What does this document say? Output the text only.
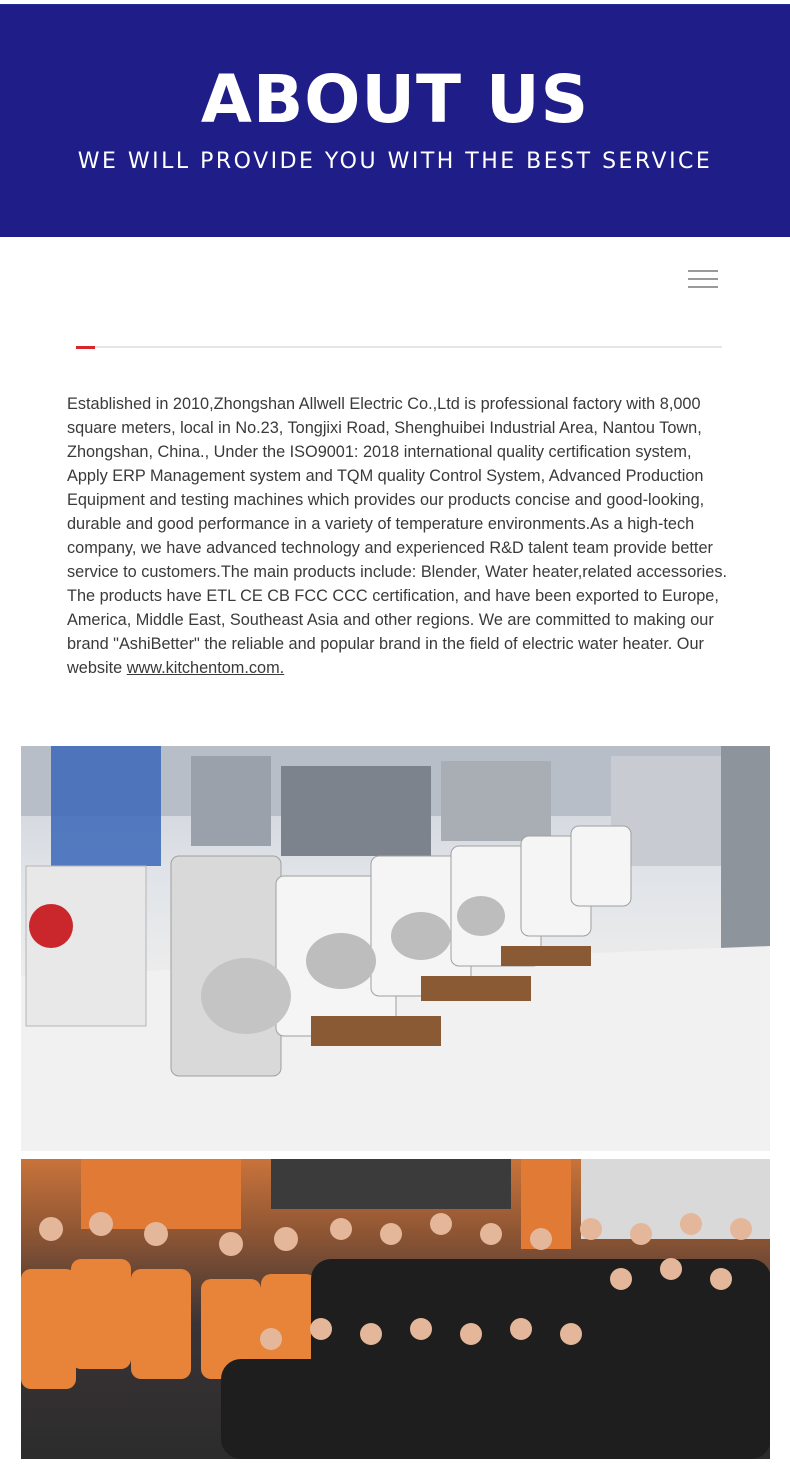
ABOUT US
WE WILL PROVIDE YOU WITH THE BEST SERVICE

Established in 2010,Zhongshan Allwell Electric Co.,Ltd is professional factory with 8,000 square meters, local in No.23, Tongjixi Road, Shenghuibei Industrial Area, Nantou Town, Zhongshan, China., Under the ISO9001: 2018 international quality certification system, Apply ERP Management system and TQM quality Control System, Advanced Production Equipment and testing machines which provides our products concise and good-looking, durable and good performance in a variety of temperature environments.As a high-tech company, we have advanced technology and experienced R&D talent team provide better service to customers.The main products include: Blender, Water heater,related accessories. The products have ETL CE CB FCC CCC certification, and have been exported to Europe, America, Middle East, Southeast Asia and other regions. We are committed to making our brand "AshiBetter" the reliable and popular brand in the field of electric water heater. Our website www.kitchentom.com.
